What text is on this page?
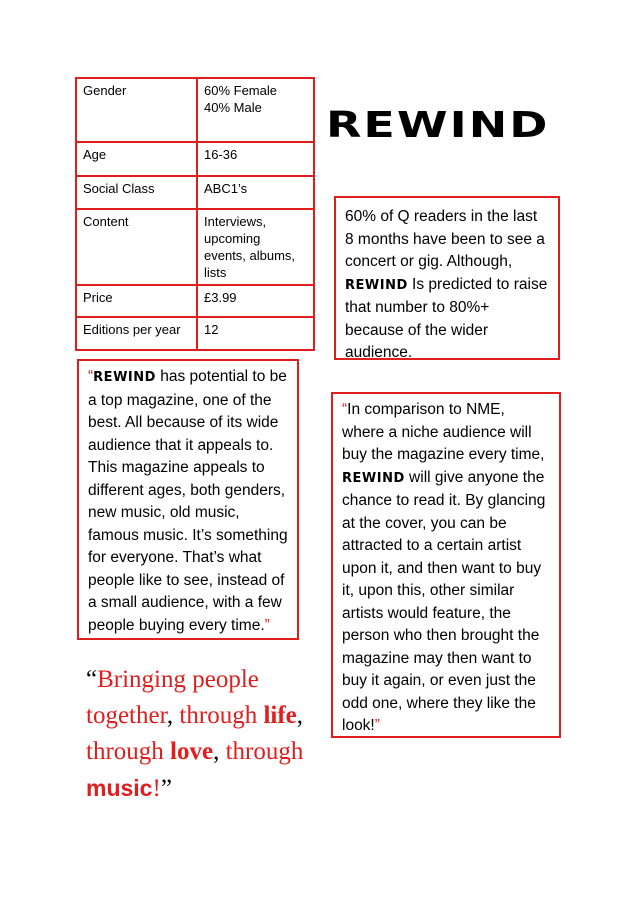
Gender	60% Female
40% Male

Age	16-36

Social Class	ABC1’s

Content	Interviews,
upcoming
events, albums,
lists

Price	£3.99

Editions per year	12
REWIND
60% of Q readers in the last 8 months have been to see a concert or gig. Although, REWIND Is predicted to raise that number to 80%+ because of the wider audience.
“REWIND has potential to be a top magazine, one of the best. All because of its wide audience that it appeals to. This magazine appeals to different ages, both genders, new music, old music, famous music. It’s something for everyone. That’s what people like to see, instead of a small audience, with a few people buying every time.”
“In comparison to NME, where a niche audience will buy the magazine every time, REWIND will give anyone the chance to read it. By glancing at the cover, you can be attracted to a certain artist upon it, and then want to buy it, upon this, other similar artists would feature, the person who then brought the magazine may then want to buy it again, or even just the odd one, where they like the look!”
“Bringing people together, through life, through love, through music!”
